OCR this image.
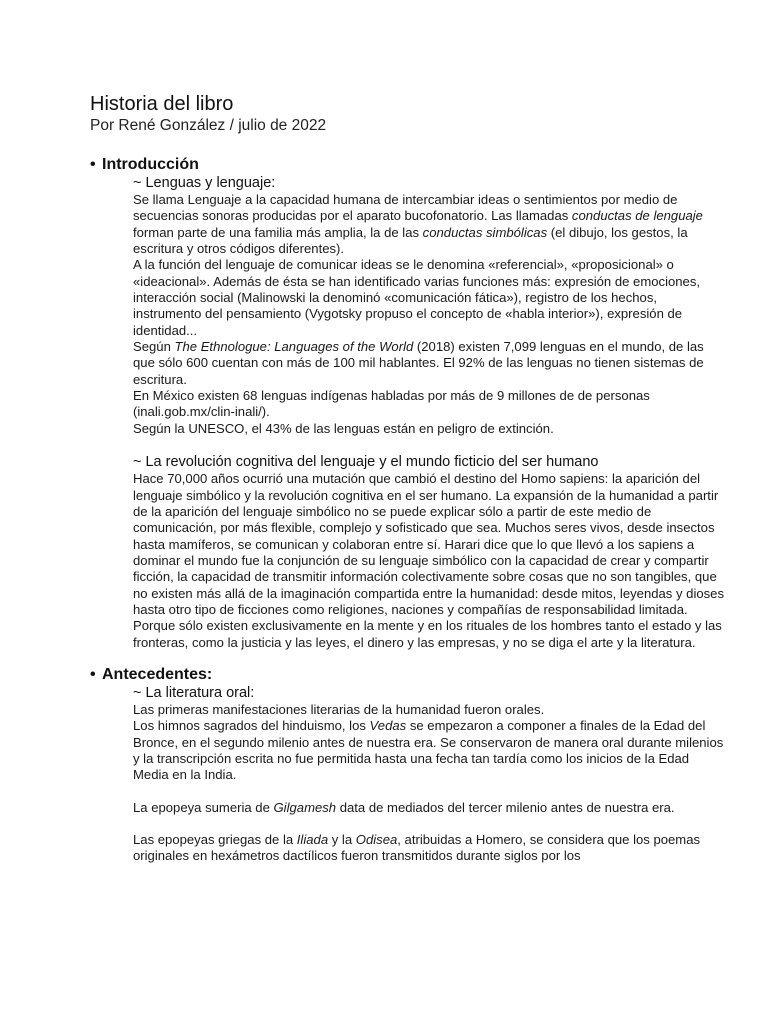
Historia del libro

Por René González / julio de 2022

• Introducción

~ Lenguas y lenguaje:

Se llama Lenguaje a la capacidad humana de intercambiar ideas o sentimientos por medio de secuencias sonoras producidas por el aparato bucofonatorio. Las llamadas conductas de lenguaje forman parte de una familia más amplia, la de las conductas simbólicas (el dibujo, los gestos, la escritura y otros códigos diferentes).

A la función del lenguaje de comunicar ideas se le denomina «referencial», «proposicional» o «ideacional». Además de ésta se han identificado varias funciones más: expresión de emociones, interacción social (Malinowski la denominó «comunicación fática»), registro de los hechos, instrumento del pensamiento (Vygotsky propuso el concepto de «habla interior»), expresión de identidad...

Según The Ethnologue: Languages of the World (2018) existen 7,099 lenguas en el mundo, de las que sólo 600 cuentan con más de 100 mil hablantes. El 92% de las lenguas no tienen sistemas de escritura.

En México existen 68 lenguas indígenas habladas por más de 9 millones de de personas (inali.gob.mx/clin-inali/).

Según la UNESCO, el 43% de las lenguas están en peligro de extinción.

~ La revolución cognitiva del lenguaje y el mundo ficticio del ser humano

Hace 70,000 años ocurrió una mutación que cambió el destino del Homo sapiens: la aparición del lenguaje simbólico y la revolución cognitiva en el ser humano. La expansión de la humanidad a partir de la aparición del lenguaje simbólico no se puede explicar sólo a partir de este medio de comunicación, por más flexible, complejo y sofisticado que sea. Muchos seres vivos, desde insectos hasta mamíferos, se comunican y colaboran entre sí. Harari dice que lo que llevó a los sapiens a dominar el mundo fue la conjunción de su lenguaje simbólico con la capacidad de crear y compartir ficción, la capacidad de transmitir información colectivamente sobre cosas que no son tangibles, que no existen más allá de la imaginación compartida entre la humanidad: desde mitos, leyendas y dioses hasta otro tipo de ficciones como religiones, naciones y compañías de responsabilidad limitada. Porque sólo existen exclusivamente en la mente y en los rituales de los hombres tanto el estado y las fronteras, como la justicia y las leyes, el dinero y las empresas, y no se diga el arte y la literatura.

• Antecedentes:

~ La literatura oral:

Las primeras manifestaciones literarias de la humanidad fueron orales.

Los himnos sagrados del hinduismo, los Vedas se empezaron a componer a finales de la Edad del Bronce, en el segundo milenio antes de nuestra era. Se conservaron de manera oral durante milenios y la transcripción escrita no fue permitida hasta una fecha tan tardía como los inicios de la Edad Media en la India.

La epopeya sumeria de Gilgamesh data de mediados del tercer milenio antes de nuestra era.

Las epopeyas griegas de la Iliada y la Odisea, atribuidas a Homero, se considera que los poemas originales en hexámetros dactílicos fueron transmitidos durante siglos por los
